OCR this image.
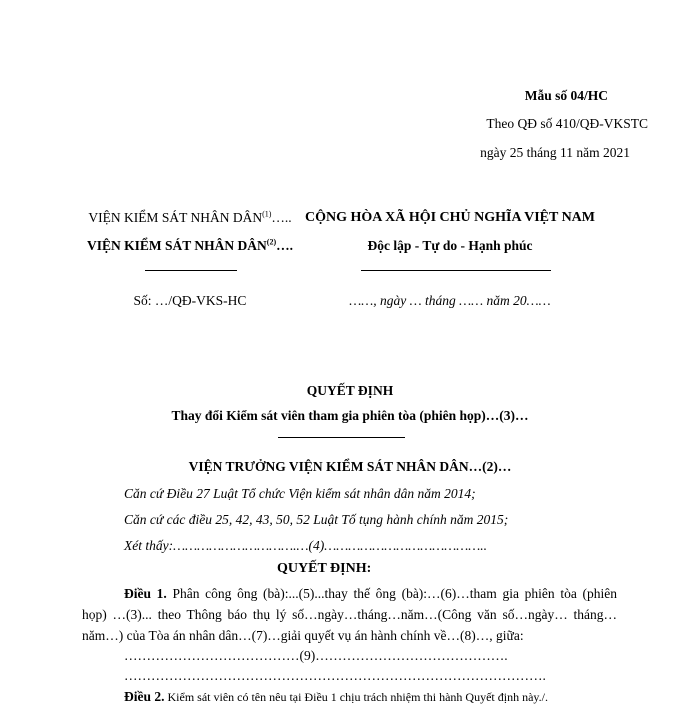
Mẫu số 04/HC
Theo QĐ số 410/QĐ-VKSTC
ngày 25 tháng 11 năm 2021
VIỆN KIỂM SÁT NHÂN DÂN$^{(1)}$…..
VIỆN KIỂM SÁT NHÂN DÂN$^{(2)}$….
Số: …/QĐ-VKS-HC
CỘNG HÒA XÃ HỘI CHỦ NGHĨA VIỆT NAM
Độc lập - Tự do - Hạnh phúc
……, ngày … tháng …… năm 20……
QUYẾT ĐỊNH
Thay đổi Kiểm sát viên tham gia phiên tòa (phiên họp)…(3)…
VIỆN TRƯỞNG VIỆN KIỂM SÁT NHÂN DÂN…(2)…
Căn cứ Điều 27 Luật Tổ chức Viện kiểm sát nhân dân năm 2014;
Căn cứ các điều 25, 42, 43, 50, 52 Luật Tố tụng hành chính năm 2015;
Xét thấy:………………………….…(4)…………………………………..
QUYẾT ĐỊNH:
Điều 1. Phân công ông (bà):...(5)...thay thế ông (bà):…(6)…tham gia phiên tòa (phiên họp) …(3)... theo Thông báo thụ lý số…ngày…tháng…năm…(Công văn số…ngày… tháng…năm…) của Tòa án nhân dân…(7)…giải quyết vụ án hành chính về…(8)…, giữa:
…………………………………(9)…………………………………….
………………………………………………………………………………….
Điều 2. Kiểm sát viên có tên nêu tại Điều 1 chịu trách nhiệm thi hành Quyết định này./.
